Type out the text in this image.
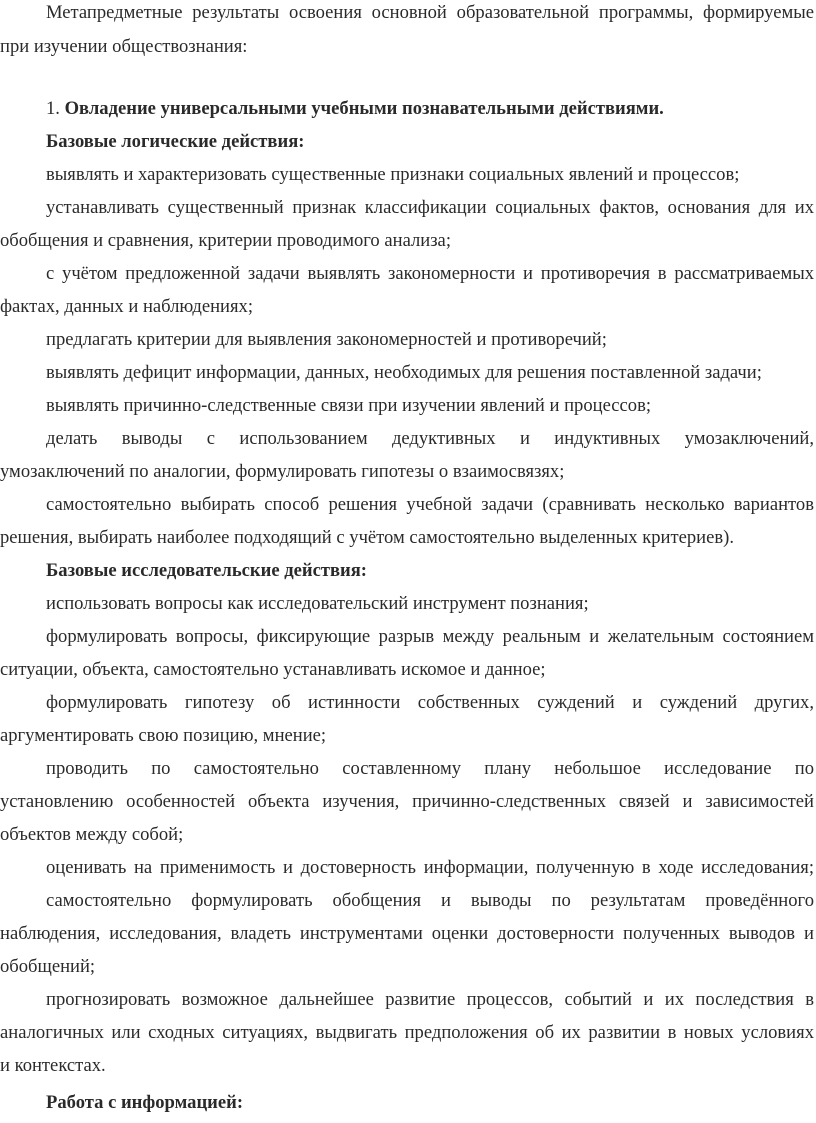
Метапредметные результаты освоения основной образовательной программы, формируемые
при изучении обществознания:
1. Овладение универсальными учебными познавательными действиями.
Базовые логические действия:
выявлять и характеризовать существенные признаки социальных явлений и процессов;
устанавливать существенный признак классификации социальных фактов, основания для их
обобщения и сравнения, критерии проводимого анализа;
с учётом предложенной задачи выявлять закономерности и противоречия в рассматриваемых
фактах, данных и наблюдениях;
предлагать критерии для выявления закономерностей и противоречий;
выявлять дефицит информации, данных, необходимых для решения поставленной задачи;
выявлять причинно-следственные связи при изучении явлений и процессов;
делать выводы с использованием дедуктивных и индуктивных умозаключений,
умозаключений по аналогии, формулировать гипотезы о взаимосвязях;
самостоятельно выбирать способ решения учебной задачи (сравнивать несколько вариантов
решения, выбирать наиболее подходящий с учётом самостоятельно выделенных критериев).
Базовые исследовательские действия:
использовать вопросы как исследовательский инструмент познания;
формулировать вопросы, фиксирующие разрыв между реальным и желательным состоянием
ситуации, объекта, самостоятельно устанавливать искомое и данное;
формулировать гипотезу об истинности собственных суждений и суждений других,
аргументировать свою позицию, мнение;
проводить по самостоятельно составленному плану небольшое исследование по
установлению особенностей объекта изучения, причинно-следственных связей и зависимостей
объектов между собой;
оценивать на применимость и достоверность информации, полученную в ходе исследования;
самостоятельно формулировать обобщения и выводы по результатам проведённого
наблюдения, исследования, владеть инструментами оценки достоверности полученных выводов и
обобщений;
прогнозировать возможное дальнейшее развитие процессов, событий и их последствия в
аналогичных или сходных ситуациях, выдвигать предположения об их развитии в новых условиях
и контекстах.
Работа с информацией:
